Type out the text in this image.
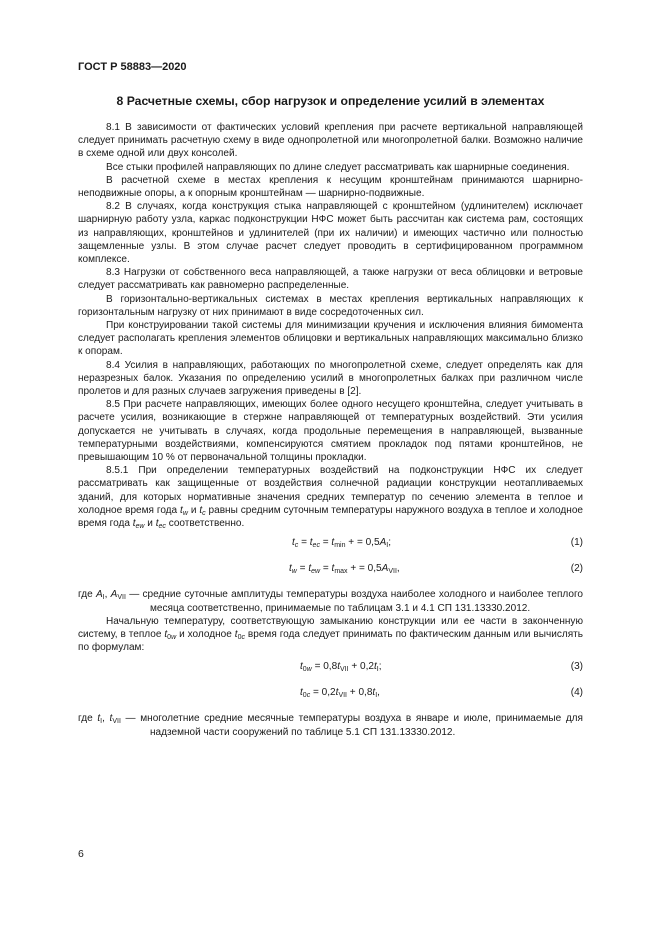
ГОСТ Р 58883—2020
8 Расчетные схемы, сбор нагрузок и определение усилий в элементах

8.1 В зависимости от фактических условий крепления при расчете вертикальной направляющей следует принимать расчетную схему в виде однопролетной или многопролетной балки. Возможно наличие в схеме одной или двух консолей.

Все стыки профилей направляющих по длине следует рассматривать как шарнирные соединения.

В расчетной схеме в местах крепления к несущим кронштейнам принимаются шарнирно-неподвижные опоры, а к опорным кронштейнам — шарнирно-подвижные.

8.2 В случаях, когда конструкция стыка направляющей с кронштейном (удлинителем) исключает шарнирную работу узла, каркас подконструкции НФС может быть рассчитан как система рам, состоящих из направляющих, кронштейнов и удлинителей (при их наличии) и имеющих частично или полностью защемленные узлы. В этом случае расчет следует проводить в сертифицированном программном комплексе.

8.3 Нагрузки от собственного веса направляющей, а также нагрузки от веса облицовки и ветровые следует рассматривать как равномерно распределенные.

В горизонтально-вертикальных системах в местах крепления вертикальных направляющих к горизонтальным нагрузку от них принимают в виде сосредоточенных сил.

При конструировании такой системы для минимизации кручения и исключения влияния бимомента следует располагать крепления элементов облицовки и вертикальных направляющих максимально близко к опорам.

8.4 Усилия в направляющих, работающих по многопролетной схеме, следует определять как для неразрезных балок. Указания по определению усилий в многопролетных балках при различном числе пролетов и для разных случаев загружения приведены в [2].

8.5 При расчете направляющих, имеющих более одного несущего кронштейна, следует учитывать в расчете усилия, возникающие в стержне направляющей от температурных воздействий. Эти усилия допускается не учитывать в случаях, когда продольные перемещения в направляющей, вызванные температурными воздействиями, компенсируются смятием прокладок под пятами кронштейнов, не превышающим 10 % от первоначальной толщины прокладки.

8.5.1 При определении температурных воздействий на подконструкции НФС их следует рассматривать как защищенные от воздействия солнечной радиации конструкции неотапливаемых зданий, для которых нормативные значения средних температур по сечению элемента в теплое и холодное время года $t_w$ и $t_c$ равны средним суточным температуры наружного воздуха в теплое и холодное время года $t_{ew}$ и $t_{ec}$ соответственно.

$t_c = t_{ec} = t_{min}$ + = $0,5A_I$;	(1)
$t_w = t_{ew} = t_{max}$ + = $0,5A_{VII}$,	(2)

где $A_I$, $A_{VII}$ — средние суточные амплитуды температуры воздуха наиболее холодного и наиболее теплого месяца соответственно, принимаемые по таблицам 3.1 и 4.1 СП 131.13330.2012.

Начальную температуру, соответствующую замыканию конструкции или ее части в законченную систему, в теплое $t_{0w}$ и холодное $t_{0c}$ время года следует принимать по фактическим данным или вычислять по формулам:

$t_{0w} = 0,8t_{VII} + 0,2t_I$;	(3)
$t_{0c} = 0,2t_{VII} + 0,8t_I$,	(4)

где $t_I$, $t_{VII}$ — многолетние средние месячные температуры воздуха в январе и июле, принимаемые для надземной части сооружений по таблице 5.1 СП 131.13330.2012.

6
